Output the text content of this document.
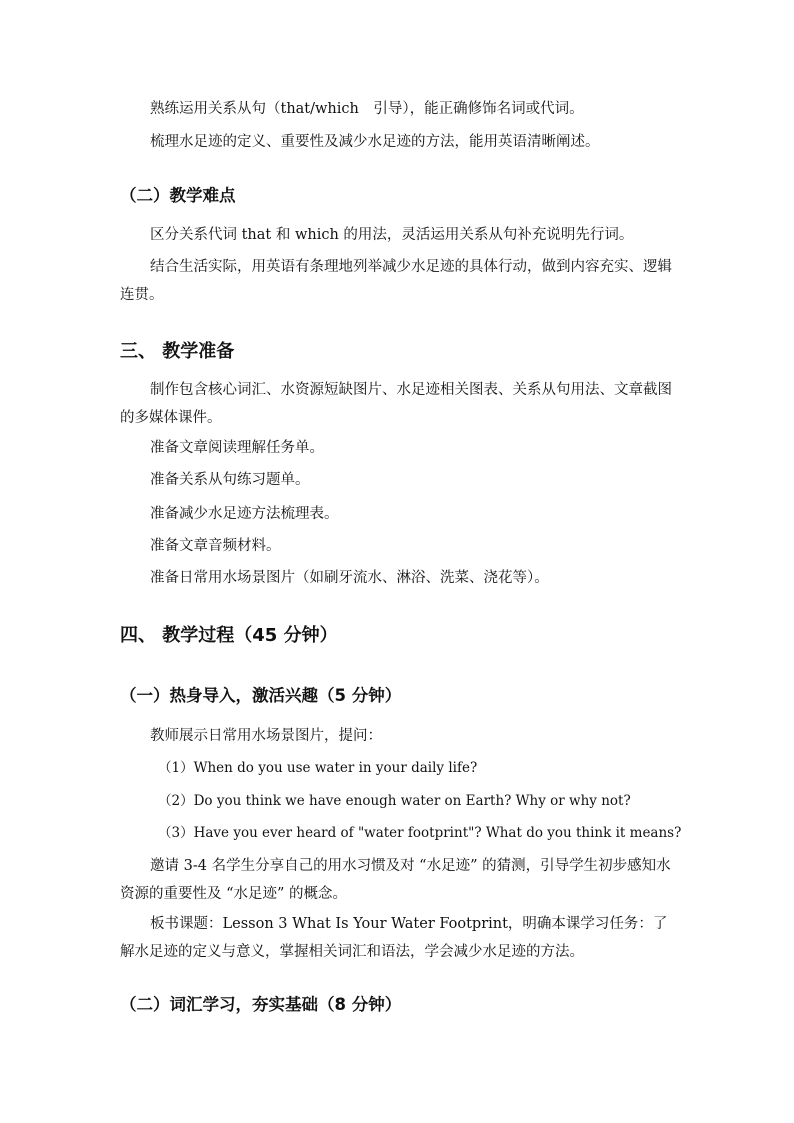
熟练运用关系从句（that/which　引导），能正确修饰名词或代词。

梳理水足迹的定义、重要性及减少水足迹的方法，能用英语清晰阐述。

（二）教学难点

区分关系代词 that 和 which 的用法，灵活运用关系从句补充说明先行词。

结合生活实际，用英语有条理地列举减少水足迹的具体行动，做到内容充实、逻辑连贯。

三、 教学准备

制作包含核心词汇、水资源短缺图片、水足迹相关图表、关系从句用法、文章截图的多媒体课件。

准备文章阅读理解任务单。

准备关系从句练习题单。

准备减少水足迹方法梳理表。

准备文章音频材料。

准备日常用水场景图片（如刷牙流水、淋浴、洗菜、浇花等）。

四、 教学过程（45 分钟）
（一）热身导入，激活兴趣（5 分钟）

教师展示日常用水场景图片，提问：

（1）When do you use water in your daily life?

（2）Do you think we have enough water on Earth? Why or why not?

（3）Have you ever heard of "water footprint"? What do you think it means?

邀请 3-4 名学生分享自己的用水习惯及对 “水足迹” 的猜测，引导学生初步感知水资源的重要性及 “水足迹” 的概念。

板书课题：Lesson 3 What Is Your Water Footprint，明确本课学习任务：了解水足迹的定义与意义，掌握相关词汇和语法，学会减少水足迹的方法。

（二）词汇学习，夯实基础（8 分钟）
